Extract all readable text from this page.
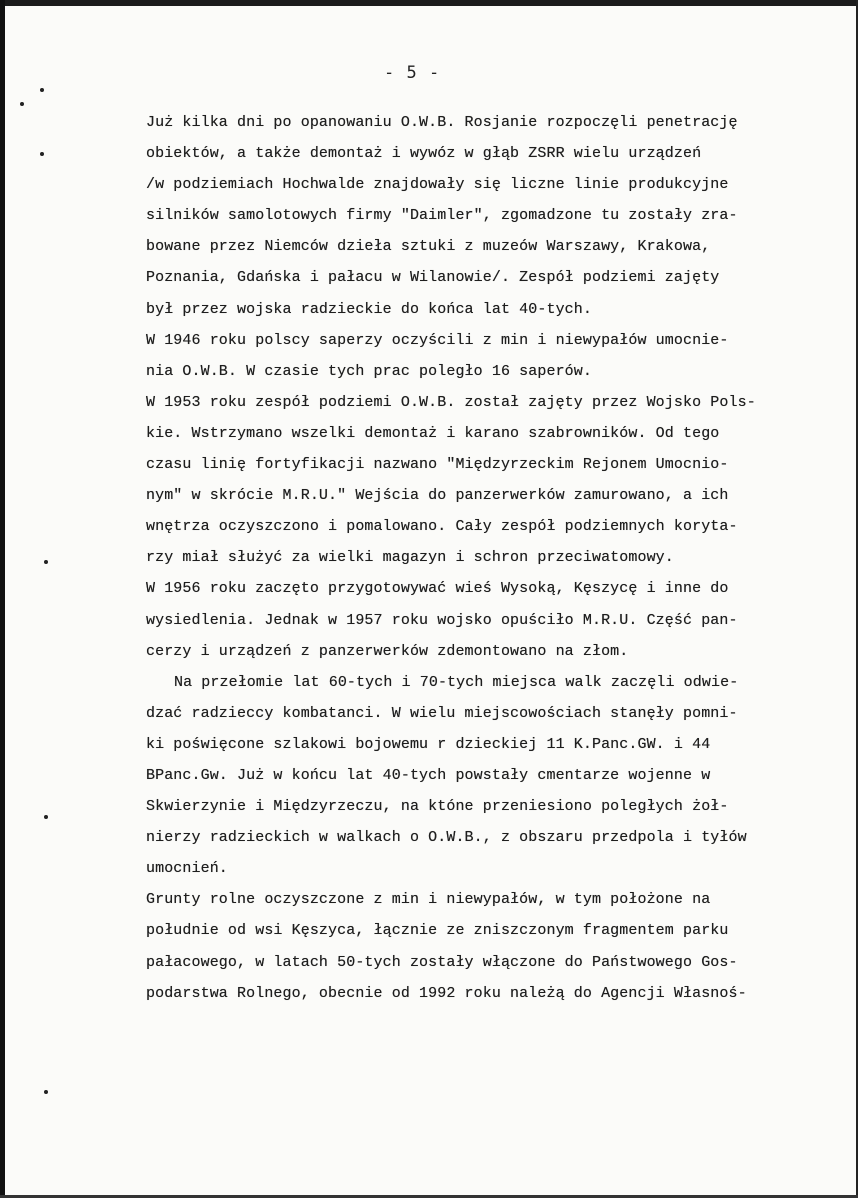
- 5 -
Już kilka dni po opanowaniu O.W.B. Rosjanie rozpoczęli penetrację
obiektów, a także demontaż i wywóz w głąb ZSRR wielu urządzeń
/w podziemiach Hochwalde znajdowały się liczne linie produkcyjne
silników samolotowych firmy "Daimler", zgomadzone tu zostały zra-
bowane przez Niemców dzieła sztuki z muzeów Warszawy, Krakowa,
Poznania, Gdańska i pałacu w Wilanowie/. Zespół podziemi zajęty
był przez wojska radzieckie do końca lat 40-tych.
W 1946 roku polscy saperzy oczyścili z min i niewypałów umocnie-
nia O.W.B. W czasie tych prac poległo 16 saperów.
W 1953 roku zespół podziemi O.W.B. został zajęty przez Wojsko Pols-
kie. Wstrzymano wszelki demontaż i karano szabrowników. Od tego
czasu linię fortyfikacji nazwano "Międzyrzeckim Rejonem Umocnio-
nym" w skrócie M.R.U." Wejścia do panzerwerków zamurowano, a ich
wnętrza oczyszczono i pomalowano. Cały zespół podziemnych koryta-
rzy miał służyć za wielki magazyn i schron przeciwatomowy.
W 1956 roku zaczęto przygotowywać wieś Wysoką, Kęszycę i inne do
wysiedlenia. Jednak w 1957 roku wojsko opuściło M.R.U. Część pan-
cerzy i urządzeń z panzerwerków zdemontowano na złom.
Na przełomie lat 60-tych i 70-tych miejsca walk zaczęli odwie-
dzać radzieccy kombatanci. W wielu miejscowościach stanęły pomni-
ki poświęcone szlakowi bojowemu r dzieckiej 11 K.Panc.GW. i 44
BPanc.Gw. Już w końcu lat 40-tych powstały cmentarze wojenne w
Skwierzynie i Międzyrzeczu, na któne przeniesiono poległych żoł-
nierzy radzieckich w walkach o O.W.B., z obszaru przedpola i tyłów
umocnień.
Grunty rolne oczyszczone z min i niewypałów, w tym położone na
południe od wsi Kęszyca, łącznie ze zniszczonym fragmentem parku
pałacowego, w latach 50-tych zostały włączone do Państwowego Gos-
podarstwa Rolnego, obecnie od 1992 roku należą do Agencji Własnoś-
